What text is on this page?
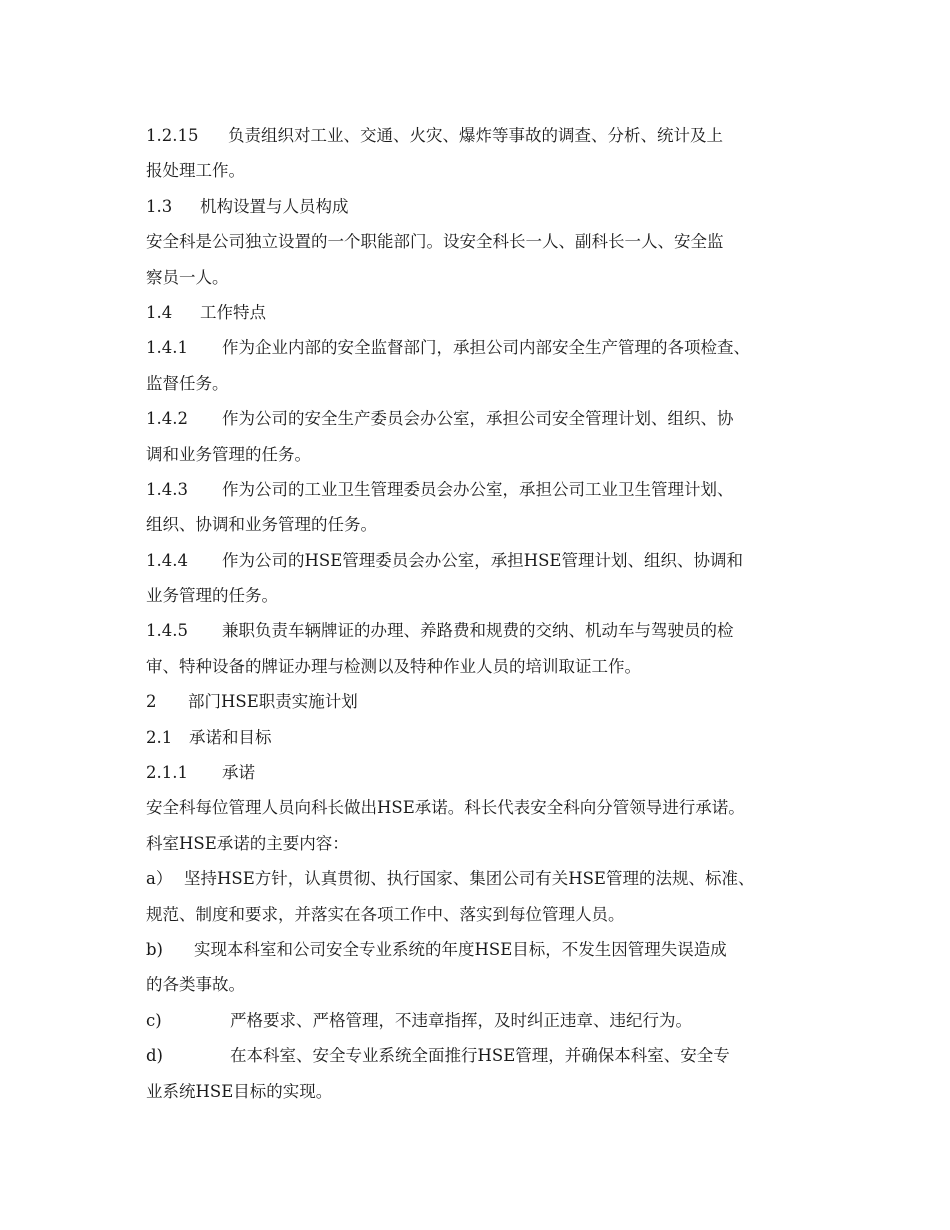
1.2.15 负责组织对工业、交通、火灾、爆炸等事故的调查、分析、统计及上
报处理工作。
1.3 机构设置与人员构成
安全科是公司独立设置的一个职能部门。设安全科长一人、副科长一人、安全监
察员一人。
1.4 工作特点
1.4.1 作为企业内部的安全监督部门，承担公司内部安全生产管理的各项检查、
监督任务。
1.4.2 作为公司的安全生产委员会办公室，承担公司安全管理计划、组织、协
调和业务管理的任务。
1.4.3 作为公司的工业卫生管理委员会办公室，承担公司工业卫生管理计划、
组织、协调和业务管理的任务。
1.4.4 作为公司的HSE管理委员会办公室，承担HSE管理计划、组织、协调和
业务管理的任务。
1.4.5 兼职负责车辆牌证的办理、养路费和规费的交纳、机动车与驾驶员的检
审、特种设备的牌证办理与检测以及特种作业人员的培训取证工作。
2 部门HSE职责实施计划
2.1 承诺和目标
2.1.1 承诺
安全科每位管理人员向科长做出HSE承诺。科长代表安全科向分管领导进行承诺。
科室HSE承诺的主要内容：
a） 坚持HSE方针，认真贯彻、执行国家、集团公司有关HSE管理的法规、标准、
规范、制度和要求，并落实在各项工作中、落实到每位管理人员。
b) 实现本科室和公司安全专业系统的年度HSE目标，不发生因管理失误造成
的各类事故。
c)	严格要求、严格管理，不违章指挥，及时纠正违章、违纪行为。
d)	在本科室、安全专业系统全面推行HSE管理，并确保本科室、安全专
业系统HSE目标的实现。
